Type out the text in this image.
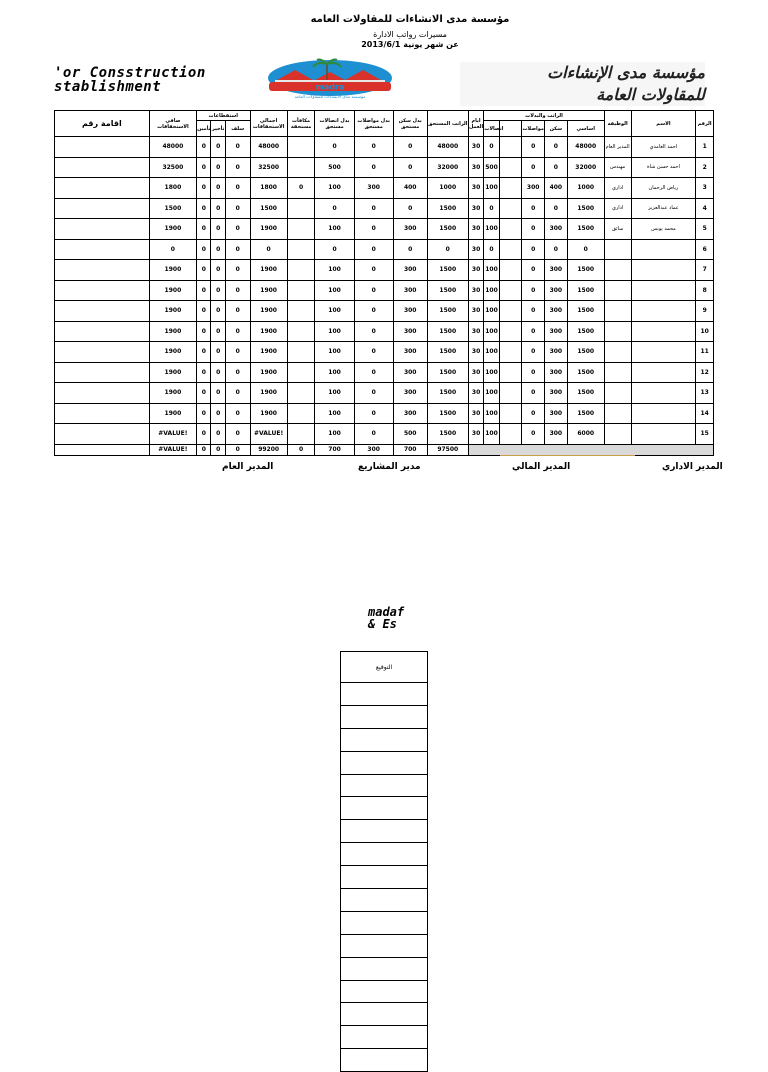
مؤسسة مدى الانشاءات للمقاولات العامه
مسيرات رواتب الادارة
عن شهر يونية 2013/6/1
'or Consstruction
stablishment	madra
مؤسسة مدى الانشاءات للمقاولات العامة
مؤسسة مدى الإنشاءات
للمقاولات العامة
اقامة رقم	صافي الاستحقاقات	استقطاعات			اجمالي الاستحقاقات	مكافأت مستحقة	بدل اتصالات مستحق	بدل مواصلات مستحق	بدل سكن مستحق	الراتب المستحق	ايام العمل	الراتب والبدلات					الوظيفه	الاسم	الرقم
		تأمين	تأخير	سلف								اتصالات		مواصلات	سكن	اساسي			
	48000	0	0	0	48000		0	0	0	48000	30	0		0	0	48000	المدير العام	احمد الغامدي	1
	32500	0	0	0	32500		500	0	0	32000	30	500		0	0	32000	مهندس	احمد حسن شاة	2
	1800	0	0	0	1800	0	100	300	400	1000	30	100		300	400	1000	اداري	رياض الرحمان	3
	1500	0	0	0	1500		0	0	0	1500	30	0		0	0	1500	اداري	عماد عبدالعزيز	4
	1900	0	0	0	1900		100	0	300	1500	30	100		0	300	1500	سائق	محمد يونس	5
	0	0	0	0	0		0	0	0	0	30	0		0	0	0			6
	1900	0	0	0	1900		100	0	300	1500	30	100		0	300	1500			7
	1900	0	0	0	1900		100	0	300	1500	30	100		0	300	1500			8
	1900	0	0	0	1900		100	0	300	1500	30	100		0	300	1500			9
	1900	0	0	0	1900		100	0	300	1500	30	100		0	300	1500			10
	1900	0	0	0	1900		100	0	300	1500	30	100		0	300	1500			11
	1900	0	0	0	1900		100	0	300	1500	30	100		0	300	1500			12
	1900	0	0	0	1900		100	0	300	1500	30	100		0	300	1500			13
	1900	0	0	0	1900		100	0	300	1500	30	100		0	300	1500			14
	#VALUE!	0	0	0	#VALUE!		100	0	500	1500	30	100		0	300	6000			15
	#VALUE!	0	0	0	99200	0	700	300	700	97500									
المدير الاداري
المدير المالي
مدير المشاريع
المدير العام
madaf
& Es
التوقيع
